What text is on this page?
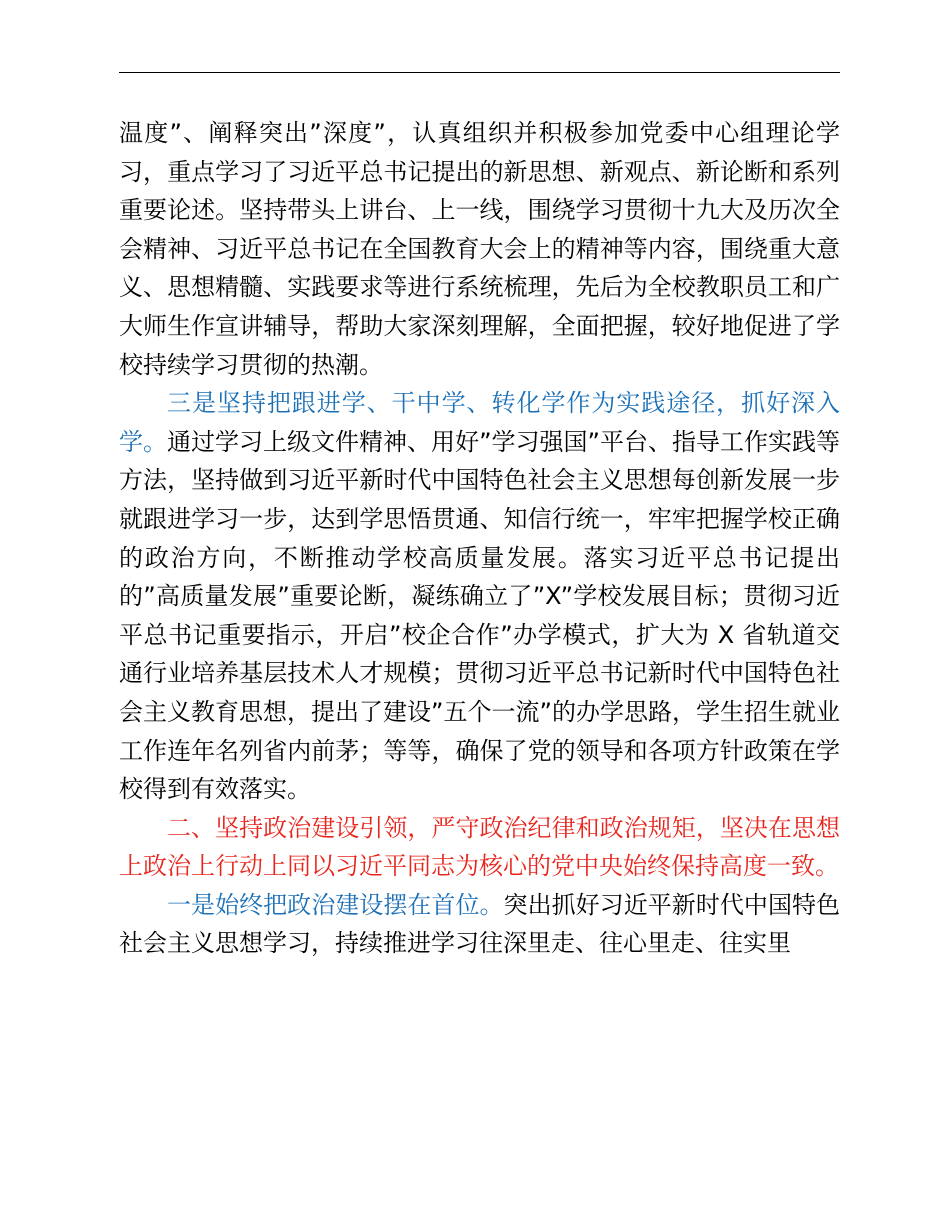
温度”、阐释突出”深度”，认真组织并积极参加党委中心组理论学习，重点学习了习近平总书记提出的新思想、新观点、新论断和系列重要论述。坚持带头上讲台、上一线，围绕学习贯彻十九大及历次全会精神、习近平总书记在全国教育大会上的精神等内容，围绕重大意义、思想精髓、实践要求等进行系统梳理，先后为全校教职员工和广大师生作宣讲辅导，帮助大家深刻理解，全面把握，较好地促进了学校持续学习贯彻的热潮。

三是坚持把跟进学、干中学、转化学作为实践途径，抓好深入学。通过学习上级文件精神、用好”学习强国”平台、指导工作实践等方法，坚持做到习近平新时代中国特色社会主义思想每创新发展一步就跟进学习一步，达到学思悟贯通、知信行统一，牢牢把握学校正确的政治方向，不断推动学校高质量发展。落实习近平总书记提出的”高质量发展”重要论断，凝练确立了”X”学校发展目标；贯彻习近平总书记重要指示，开启”校企合作”办学模式，扩大为 X 省轨道交通行业培养基层技术人才规模；贯彻习近平总书记新时代中国特色社会主义教育思想，提出了建设”五个一流”的办学思路，学生招生就业工作连年名列省内前茅；等等，确保了党的领导和各项方针政策在学校得到有效落实。

二、坚持政治建设引领，严守政治纪律和政治规矩，坚决在思想上政治上行动上同以习近平同志为核心的党中央始终保持高度一致。

一是始终把政治建设摆在首位。突出抓好习近平新时代中国特色社会主义思想学习，持续推进学习往深里走、往心里走、往实里
